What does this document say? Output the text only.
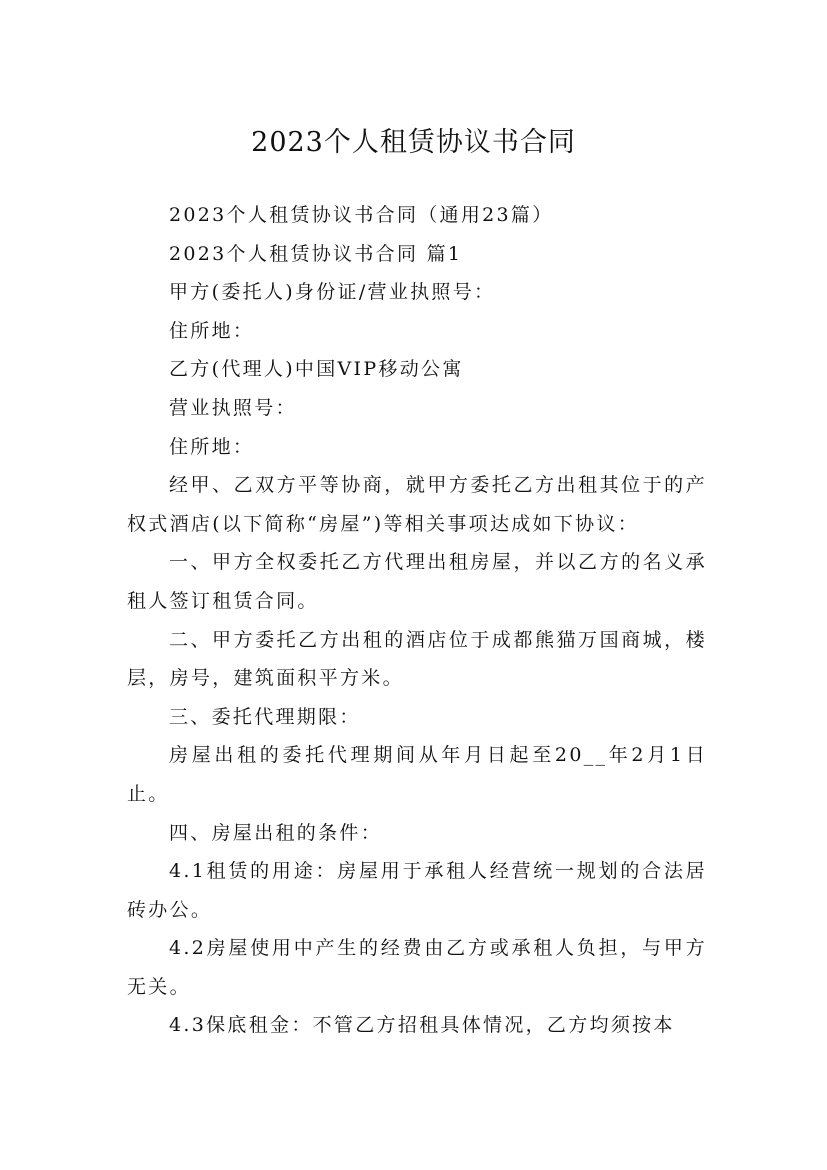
2023个人租赁协议书合同

2023个人租赁协议书合同（通用23篇）

2023个人租赁协议书合同 篇1

甲方(委托人)身份证/营业执照号：

住所地：

乙方(代理人)中国VIP移动公寓

营业执照号：

住所地：

经甲、乙双方平等协商，就甲方委托乙方出租其位于的产权式酒店(以下简称“房屋”)等相关事项达成如下协议：

一、甲方全权委托乙方代理出租房屋，并以乙方的名义承租人签订租赁合同。

二、甲方委托乙方出租的酒店位于成都熊猫万国商城，楼层，房号，建筑面积平方米。

三、委托代理期限：

房屋出租的委托代理期间从年月日起至20__年2月1日止。

四、房屋出租的条件：

4.1租赁的用途：房屋用于承租人经营统一规划的合法居砖办公。

4.2房屋使用中产生的经费由乙方或承租人负担，与甲方无关。

4.3保底租金：不管乙方招租具体情况，乙方均须按本
